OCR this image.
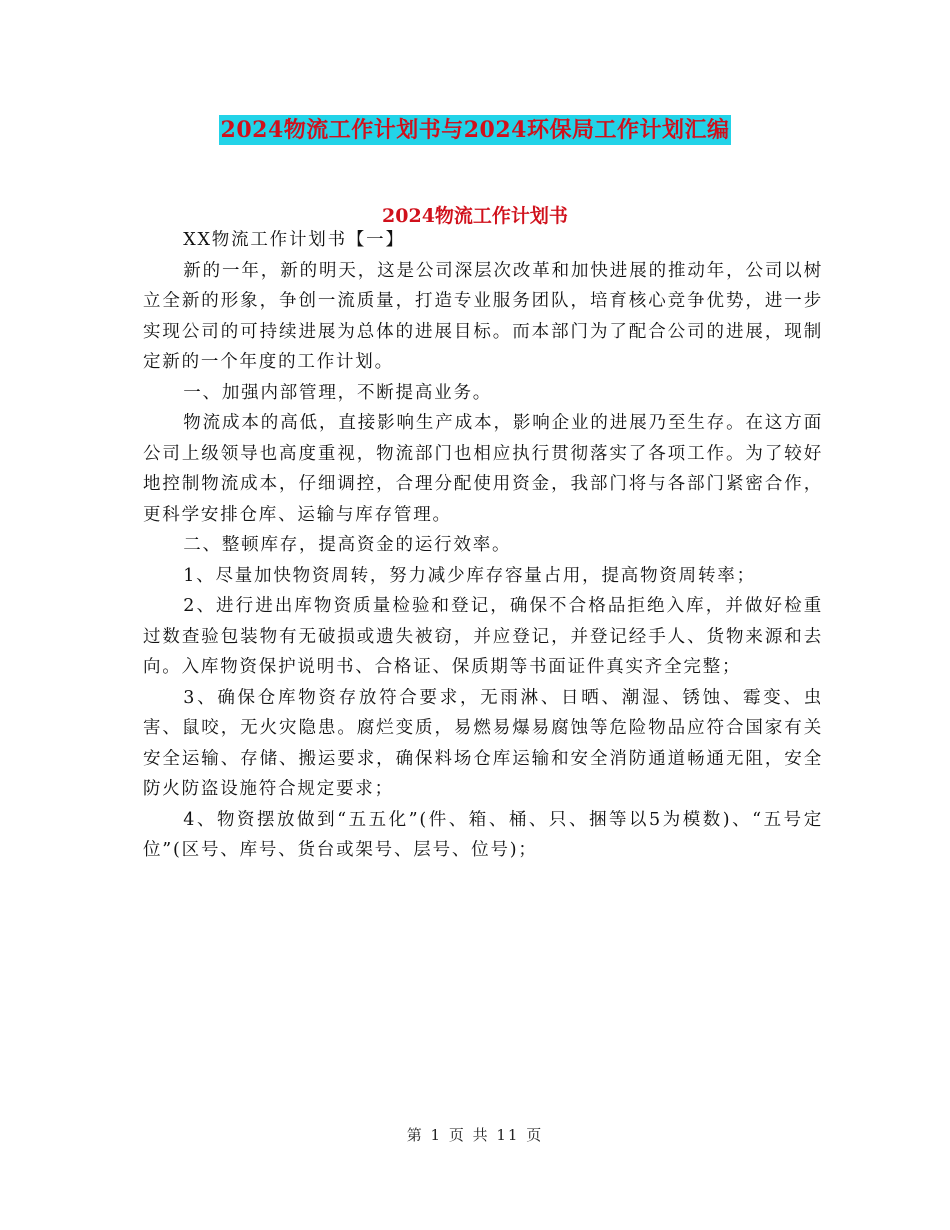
2024物流工作计划书与2024环保局工作计划汇编
2024物流工作计划书

XX物流工作计划书【一】

新的一年，新的明天，这是公司深层次改革和加快进展的推动年，公司以树立全新的形象，争创一流质量，打造专业服务团队，培育核心竞争优势，进一步实现公司的可持续进展为总体的进展目标。而本部门为了配合公司的进展，现制定新的一个年度的工作计划。

一、加强内部管理，不断提高业务。

物流成本的高低，直接影响生产成本，影响企业的进展乃至生存。在这方面公司上级领导也高度重视，物流部门也相应执行贯彻落实了各项工作。为了较好地控制物流成本，仔细调控，合理分配使用资金，我部门将与各部门紧密合作，更科学安排仓库、运输与库存管理。

二、整顿库存，提高资金的运行效率。

1、尽量加快物资周转，努力减少库存容量占用，提高物资周转率；

2、进行进出库物资质量检验和登记，确保不合格品拒绝入库，并做好检重过数查验包装物有无破损或遗失被窃，并应登记，并登记经手人、货物来源和去向。入库物资保护说明书、合格证、保质期等书面证件真实齐全完整；

3、确保仓库物资存放符合要求，无雨淋、日晒、潮湿、锈蚀、霉变、虫害、鼠咬，无火灾隐患。腐烂变质，易燃易爆易腐蚀等危险物品应符合国家有关安全运输、存储、搬运要求，确保料场仓库运输和安全消防通道畅通无阻，安全防火防盗设施符合规定要求；

4、物资摆放做到“五五化”(件、箱、桶、只、捆等以5为模数)、“五号定位”(区号、库号、货台或架号、层号、位号)；

第 1 页 共 11 页
